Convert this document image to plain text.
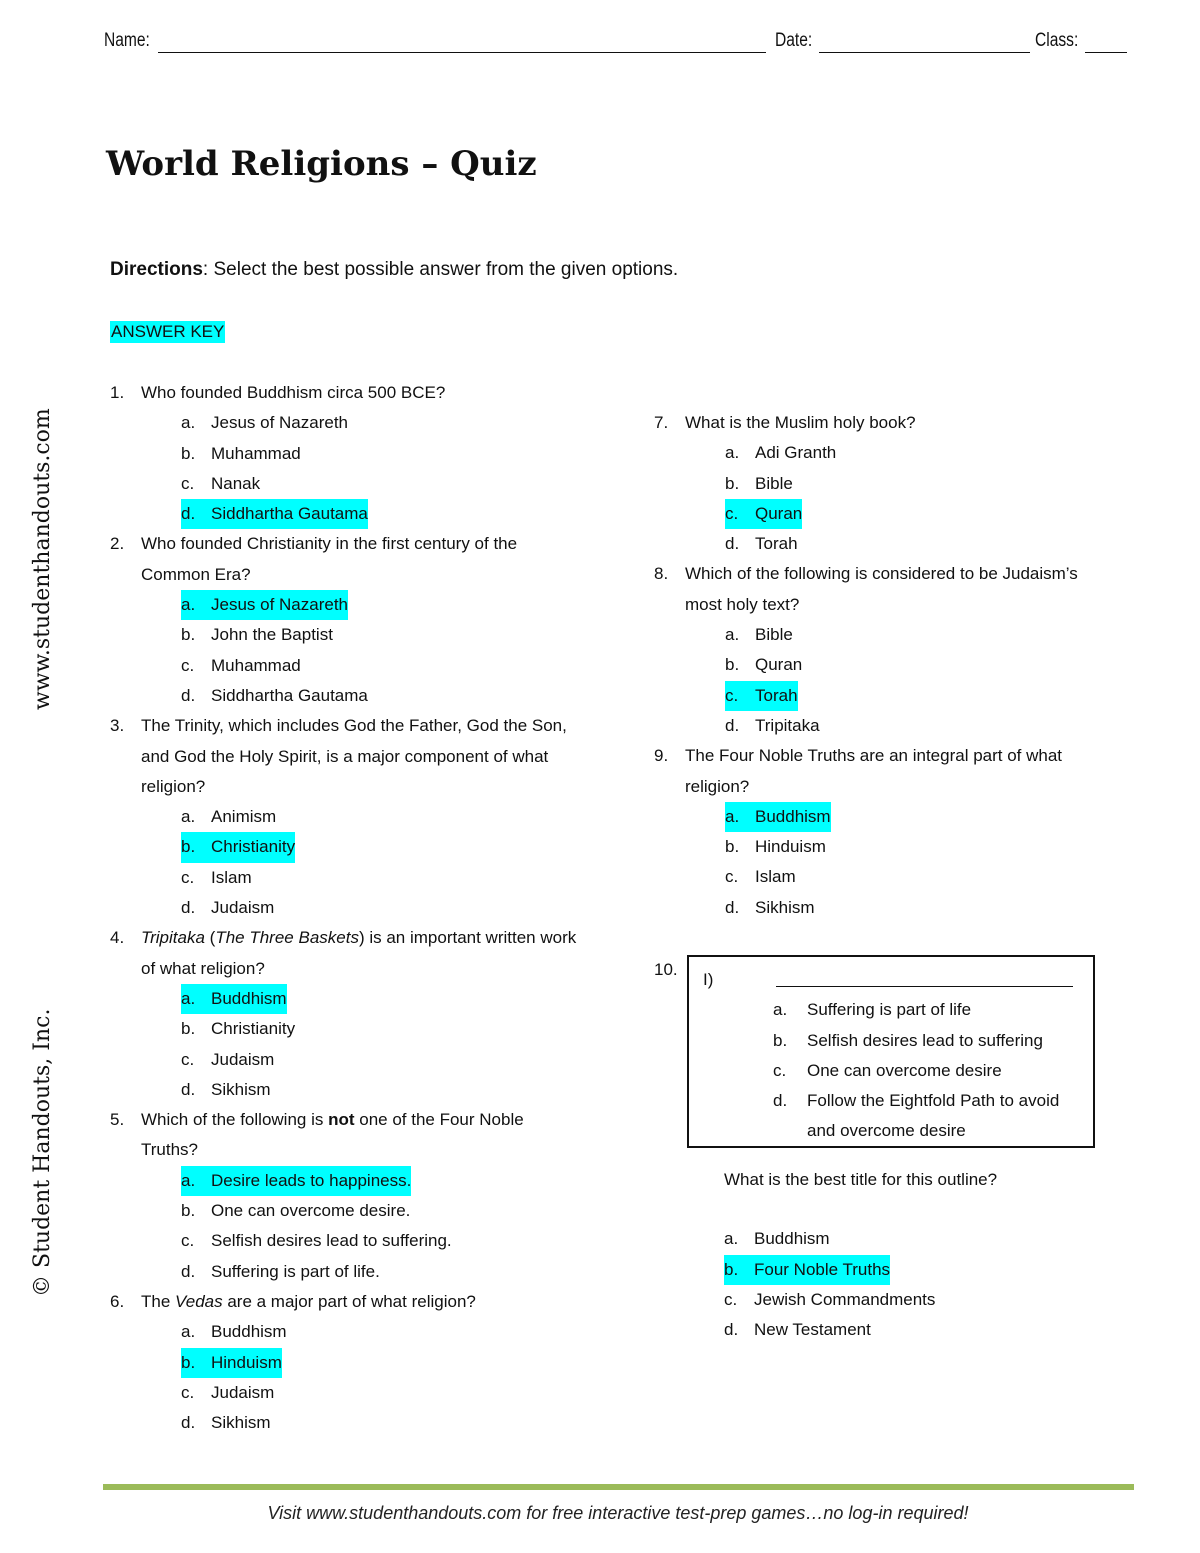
Name:	Date:	Class:
World Religions – Quiz
Directions: Select the best possible answer from the given options.
ANSWER KEY
www.studenthandouts.com
© Student Handouts, Inc.
1. Who founded Buddhism circa 500 BCE?
a. Jesus of Nazareth
b. Muhammad
c. Nanak
d. Siddhartha Gautama
2. Who founded Christianity in the first century of the Common Era?
a. Jesus of Nazareth
b. John the Baptist
c. Muhammad
d. Siddhartha Gautama
3. The Trinity, which includes God the Father, God the Son, and God the Holy Spirit, is a major component of what religion?
a. Animism
b. Christianity
c. Islam
d. Judaism
4. Tripitaka (The Three Baskets) is an important written work of what religion?
a. Buddhism
b. Christianity
c. Judaism
d. Sikhism
5. Which of the following is not one of the Four Noble Truths?
a. Desire leads to happiness.
b. One can overcome desire.
c. Selfish desires lead to suffering.
d. Suffering is part of life.
6. The Vedas are a major part of what religion?
a. Buddhism
b. Hinduism
c. Judaism
d. Sikhism
7. What is the Muslim holy book?
a. Adi Granth
b. Bible
c. Quran
d. Torah
8. Which of the following is considered to be Judaism’s most holy text?
a. Bible
b. Quran
c. Torah
d. Tripitaka
9. The Four Noble Truths are an integral part of what religion?
a. Buddhism
b. Hinduism
c. Islam
d. Sikhism
10.
I)
a.	Suffering is part of life
b.	Selfish desires lead to suffering
c.	One can overcome desire
d.	Follow the Eightfold Path to avoid and overcome desire
What is the best title for this outline?
a. Buddhism
b. Four Noble Truths
c. Jewish Commandments
d. New Testament
Visit www.studenthandouts.com for free interactive test-prep games…no log-in required!
